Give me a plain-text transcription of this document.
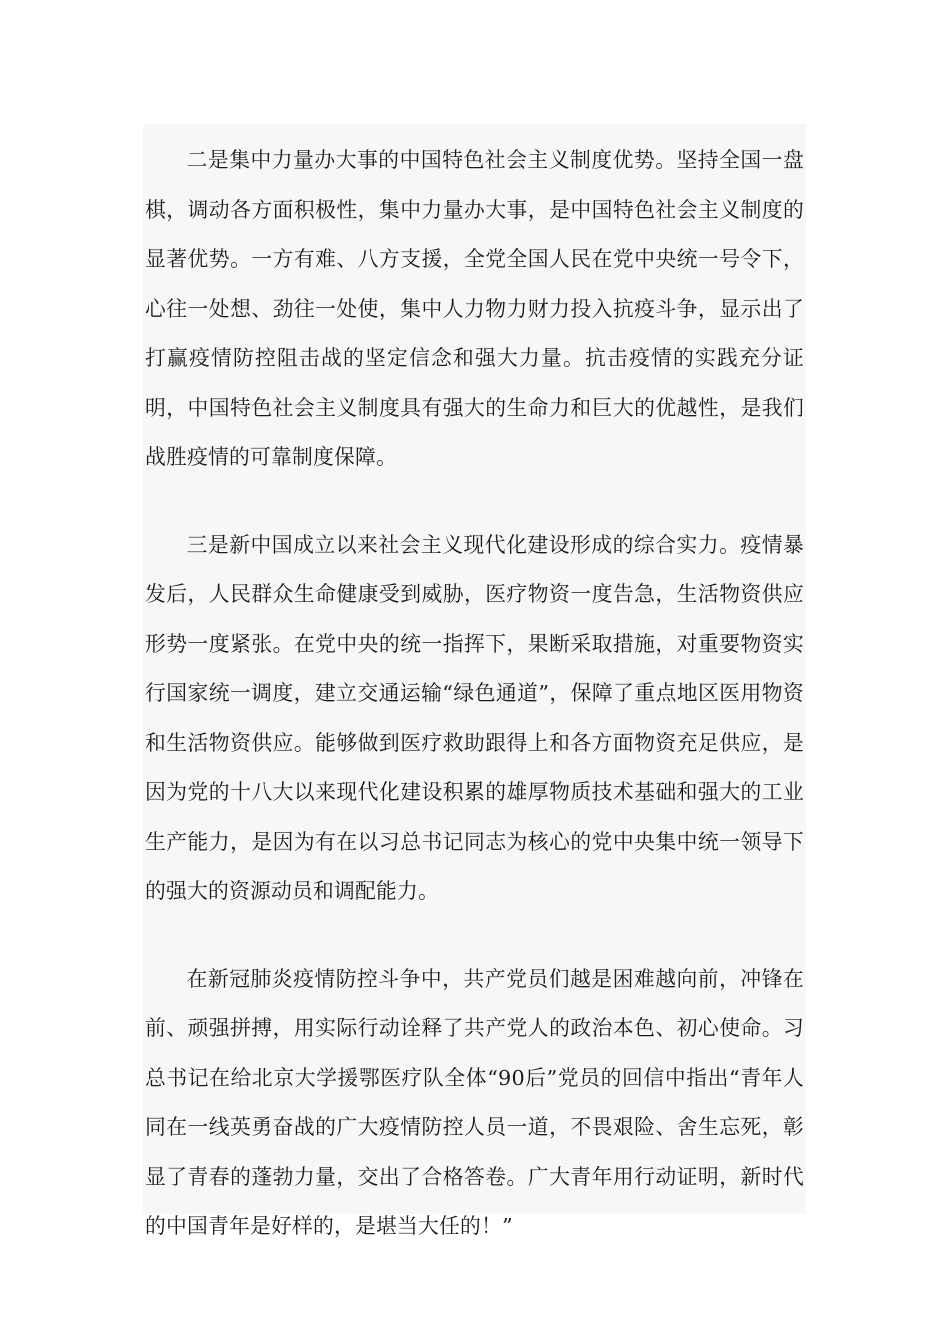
二是集中力量办大事的中国特色社会主义制度优势。坚持全国一盘棋，调动各方面积极性，集中力量办大事，是中国特色社会主义制度的显著优势。一方有难、八方支援，全党全国人民在党中央统一号令下，心往一处想、劲往一处使，集中人力物力财力投入抗疫斗争，显示出了打赢疫情防控阻击战的坚定信念和强大力量。抗击疫情的实践充分证明，中国特色社会主义制度具有强大的生命力和巨大的优越性，是我们战胜疫情的可靠制度保障。

三是新中国成立以来社会主义现代化建设形成的综合实力。疫情暴发后，人民群众生命健康受到威胁，医疗物资一度告急，生活物资供应形势一度紧张。在党中央的统一指挥下，果断采取措施，对重要物资实行国家统一调度，建立交通运输“绿色通道”，保障了重点地区医用物资和生活物资供应。能够做到医疗救助跟得上和各方面物资充足供应，是因为党的十八大以来现代化建设积累的雄厚物质技术基础和强大的工业生产能力，是因为有在以习总书记同志为核心的党中央集中统一领导下的强大的资源动员和调配能力。

在新冠肺炎疫情防控斗争中，共产党员们越是困难越向前，冲锋在前、顽强拼搏，用实际行动诠释了共产党人的政治本色、初心使命。习总书记在给北京大学援鄂医疗队全体“90后”党员的回信中指出“青年人同在一线英勇奋战的广大疫情防控人员一道，不畏艰险、舍生忘死，彰显了青春的蓬勃力量，交出了合格答卷。广大青年用行动证明，新时代的中国青年是好样的，是堪当大任的！”
